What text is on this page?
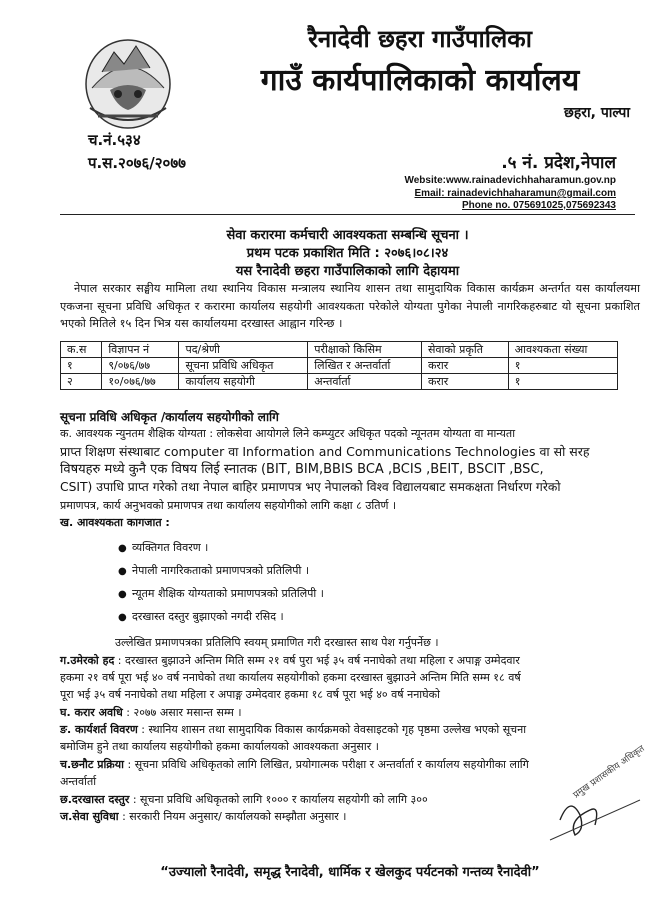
रैनादेवी छहरा गाउँपालिका
गाउँ कार्यपालिकाको कार्यालय
छहरा, पाल्पा
च.नं.५३४
प.स.२०७६/२०७७	.५ नं. प्रदेश,नेपाल
Website:www.rainadevichhaharamun.gov.np
Email: rainadevichhaharamun@gmail.com
Phone no. 075691025,075692343
सेवा करारमा कर्मचारी आवश्यकता सम्बन्धि सूचना ।
प्रथम पटक प्रकाशित मिति : २०७६।०८।२४
यस रैनादेवी छहरा गाउँपालिकाको लागि देहायमा
नेपाल सरकार सङ्घीय मामिला तथा स्थानिय विकास मन्त्रालय स्थानिय शासन तथा सामुदायिक विकास कार्यक्रम अन्तर्गत यस कार्यालयमा एकजना सूचना प्रविधि अधिकृत र करारमा कार्यालय सहयोगी आवश्यकता परेकोले योग्यता पुगेका नेपाली नागरिकहरुबाट यो सूचना प्रकाशित भएको मितिले १५ दिन भित्र यस कार्यालयमा दरखास्त आह्वान गरिन्छ ।
क.स	विज्ञापन नं	पद/श्रेणी	परीक्षाको किसिम	सेवाको प्रकृति	आवश्यकता संख्या
१	९/०७६/७७	सूचना प्रविधि अधिकृत	लिखित र अन्तर्वार्ता	करार	१
२	१०/०७६/७७	कार्यालय सहयोगी	अन्तर्वार्ता	करार	१
सूचना प्रविधि अधिकृत /कार्यालय सहयोगीको लागि
क. आवश्यक न्युनतम शैक्षिक योग्यता : लोकसेवा आयोगले लिने कम्प्युटर अधिकृत पदको न्यूनतम योग्यता वा मान्यता
प्राप्त शिक्षण संस्थाबाट computer वा Information and Communications Technologies वा सो सरह
विषयहरु मध्ये कुनै एक विषय लिई स्नातक (BIT, BIM,BBIS BCA ,BCIS ,BEIT, BSCIT ,BSC,
CSIT) उपाधि प्राप्त गरेको तथा नेपाल बाहिर प्रमाणपत्र भए नेपालको विश्व विद्यालयबाट समकक्षता निर्धारण गरेको
प्रमाणपत्र, कार्य अनुभवको प्रमाणपत्र तथा कार्यालय सहयोगीको लागि कक्षा ८ उतिर्ण ।
ख. आवश्यकता कागजात :
● व्यक्तिगत विवरण ।
● नेपाली नागरिकताको प्रमाणपत्रको प्रतिलिपी ।
● न्यूतम शैक्षिक योग्यताको प्रमाणपत्रको प्रतिलिपी ।
● दरखास्त दस्तुर बुझाएको नगदी रसिद ।
उल्लेखित प्रमाणपत्रका प्रतिलिपि स्वयम् प्रमाणित गरी दरखास्त साथ पेश गर्नुपर्नेछ ।
ग.उमेरको हद : दरखास्त बुझाउने अन्तिम मिति सम्म २१ वर्ष पुरा भई ३५ वर्ष ननाघेको तथा महिला र अपाङ्ग उम्मेदवार
हकमा २१ वर्ष पूरा भई ४० वर्ष ननाघेको तथा कार्यालय सहयोगीको हकमा दरखास्त बुझाउने अन्तिम मिति सम्म १८ वर्ष
पूरा भई ३५ वर्ष ननाघेको तथा महिला र अपाङ्ग उम्मेदवार हकमा १८ वर्ष पूरा भई ४० वर्ष ननाघेको
घ. करार अवधि : २०७७ असार मसान्त सम्म ।
ङ. कार्यशर्त विवरण : स्थानिय शासन तथा सामुदायिक विकास कार्यक्रमको वेवसाइटको गृह पृष्ठमा उल्लेख भएको सूचना
बमोजिम हुने तथा कार्यालय सहयोगीको हकमा कार्यालयको आवश्यकता अनुसार ।
च.छनौट प्रक्रिया : सूचना प्रविधि अधिकृतको लागि लिखित, प्रयोगात्मक परीक्षा र अन्तर्वार्ता र कार्यालय सहयोगीका लागि
अन्तर्वार्ता
छ.दरखास्त दस्तुर : सूचना प्रविधि अधिकृतको लागि १००० र कार्यालय सहयोगी को लागि ३००
ज.सेवा सुविधा : सरकारी नियम अनुसार/ कार्यालयको सम्झौता अनुसार ।
प्रमुख प्रशासकीय अधिकृत
“उज्यालो रैनादेवी, समृद्ध रैनादेवी, धार्मिक र खेलकुद पर्यटनको गन्तव्य रैनादेवी”
